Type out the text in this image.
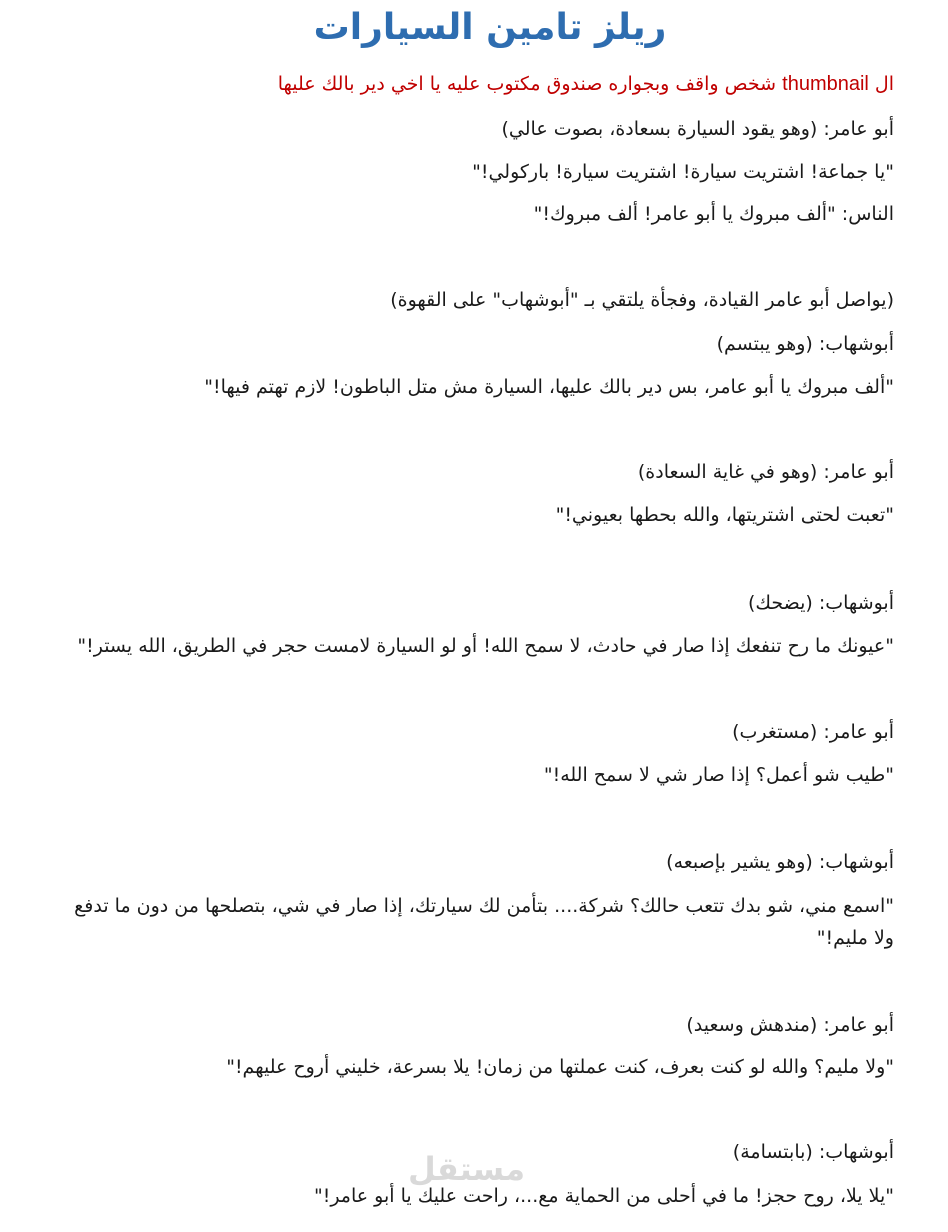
ريلز تامين السيارات

ال thumbnail شخص واقف وبجواره صندوق مكتوب عليه يا اخي دير بالك عليها

أبو عامر: (وهو يقود السيارة بسعادة، بصوت عالي)

"يا جماعة! اشتريت سيارة! اشتريت سيارة! باركولي!"

الناس: "ألف مبروك يا أبو عامر! ألف مبروك!"

(يواصل أبو عامر القيادة، وفجأة يلتقي بـ "أبوشهاب" على القهوة)

أبوشهاب: (وهو يبتسم)

"ألف مبروك يا أبو عامر، بس دير بالك عليها، السيارة مش متل الباطون! لازم تهتم فيها!"

أبو عامر: (وهو في غاية السعادة)

"تعبت لحتى اشتريتها، والله بحطها بعيوني!"

أبوشهاب: (يضحك)

"عيونك ما رح تنفعك إذا صار في حادث، لا سمح الله! أو لو السيارة لامست حجر في الطريق، الله يستر!"

أبو عامر: (مستغرب)

"طيب شو أعمل؟ إذا صار شي لا سمح الله!"

أبوشهاب: (وهو يشير بإصبعه)

"اسمع مني، شو بدك تتعب حالك؟ شركة.... بتأمن لك سيارتك، إذا صار في شي، بتصلحها من دون ما تدفع ولا مليم!"

أبو عامر: (مندهش وسعيد)

"ولا مليم؟ والله لو كنت بعرف، كنت عملتها من زمان! يلا بسرعة، خليني أروح عليهم!"

أبوشهاب: (بابتسامة)

"يلا يلا، روح حجز! ما في أحلى من الحماية مع...، راحت عليك يا أبو عامر!"

مستقل
